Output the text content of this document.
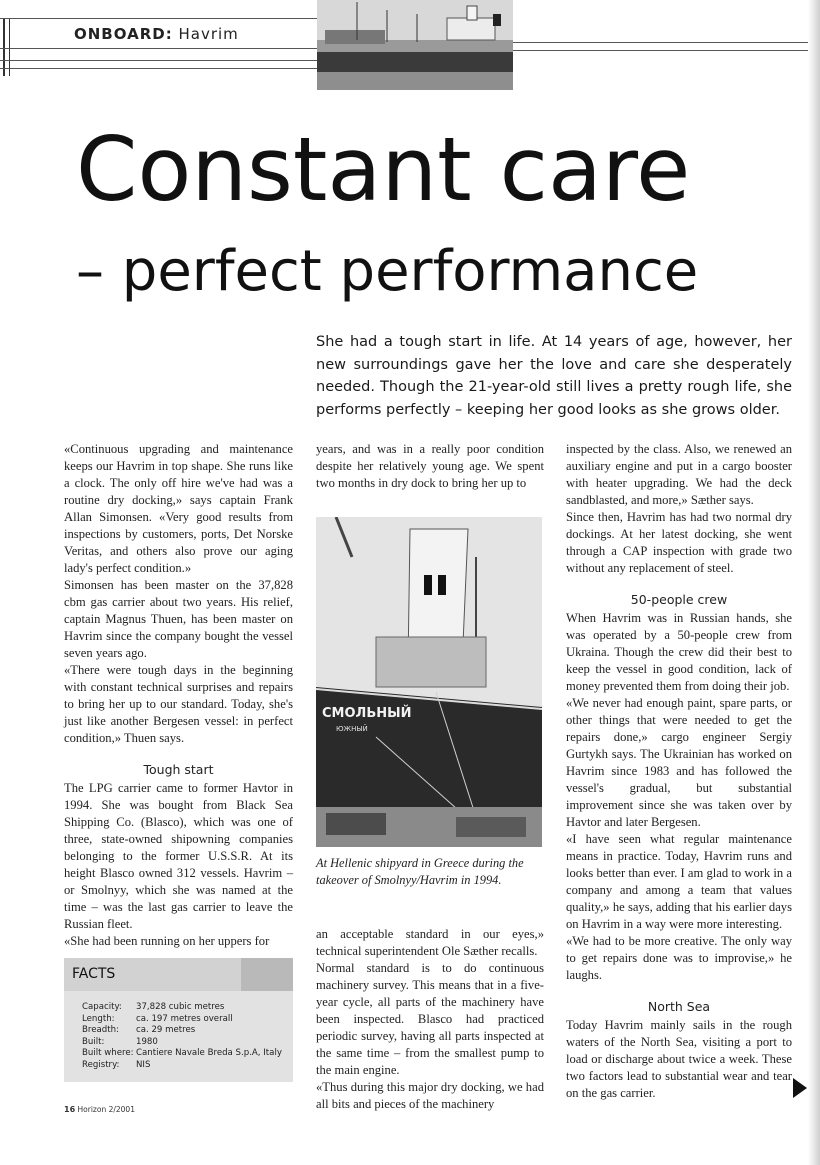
ONBOARD: Havrim
Constant care
– perfect performance
She had a tough start in life. At 14 years of age, however, her new surroundings gave her the love and care she desperately needed. Though the 21-year-old still lives a pretty rough life, she performs perfectly – keeping her good looks as she grows older.

«Continuous upgrading and maintenance keeps our Havrim in top shape. She runs like a clock. The only off hire we've had was a routine dry docking,» says captain Frank Allan Simonsen. «Very good results from inspections by customers, ports, Det Norske Veritas, and others also prove our aging lady's perfect condition.»

Simonsen has been master on the 37,828 cbm gas carrier about two years. His relief, captain Magnus Thuen, has been master on Havrim since the company bought the vessel seven years ago.

«There were tough days in the beginning with constant technical surprises and repairs to bring her up to our standard. Today, she's just like another Bergesen vessel: in perfect condition,» Thuen says.

Tough start

The LPG carrier came to former Havtor in 1994. She was bought from Black Sea Shipping Co. (Blasco), which was one of three, state-owned shipowning companies belonging to the former U.S.S.R. At its height Blasco owned 312 vessels. Havrim – or Smolnyy, which she was named at the time – was the last gas carrier to leave the Russian fleet.

«She had been running on her uppers for

years, and was in a really poor condition despite her relatively young age. We spent two months in dry dock to bring her up to

СМОЛЬНЫЙ
ЮЖНЫЙ
At Hellenic shipyard in Greece during the takeover of Smolnyy/Havrim in 1994.

an acceptable standard in our eyes,» technical superintendent Ole Sæther recalls.

Normal standard is to do continuous machinery survey. This means that in a five-year cycle, all parts of the machinery have been inspected. Blasco had practiced periodic survey, having all parts inspected at the same time – from the smallest pump to the main engine.

«Thus during this major dry docking, we had all bits and pieces of the machinery

inspected by the class. Also, we renewed an auxiliary engine and put in a cargo booster with heater upgrading. We had the deck sandblasted, and more,» Sæther says.

Since then, Havrim has had two normal dry dockings. At her latest docking, she went through a CAP inspection with grade two without any replacement of steel.

50-people crew

When Havrim was in Russian hands, she was operated by a 50-people crew from Ukraina. Though the crew did their best to keep the vessel in good condition, lack of money prevented them from doing their job.

«We never had enough paint, spare parts, or other things that were needed to get the repairs done,» cargo engineer Sergiy Gurtykh says. The Ukrainian has worked on Havrim since 1983 and has followed the vessel's gradual, but substantial improvement since she was taken over by Havtor and later Bergesen.

«I have seen what regular maintenance means in practice. Today, Havrim runs and looks better than ever. I am glad to work in a company and among a team that values quality,» he says, adding that his earlier days on Havrim in a way were more interesting.

«We had to be more creative. The only way to get repairs done was to improvise,» he laughs.

North Sea

Today Havrim mainly sails in the rough waters of the North Sea, visiting a port to load or discharge about twice a week. These two factors lead to substantial wear and tear on the gas carrier.

FACTS
Capacity:	37,828 cubic metres
Length:	ca. 197 metres overall
Breadth:	ca. 29 metres
Built:	1980
Built where: Cantiere Navale Breda S.p.A, Italy
Registry:	NIS
16 Horizon 2/2001
